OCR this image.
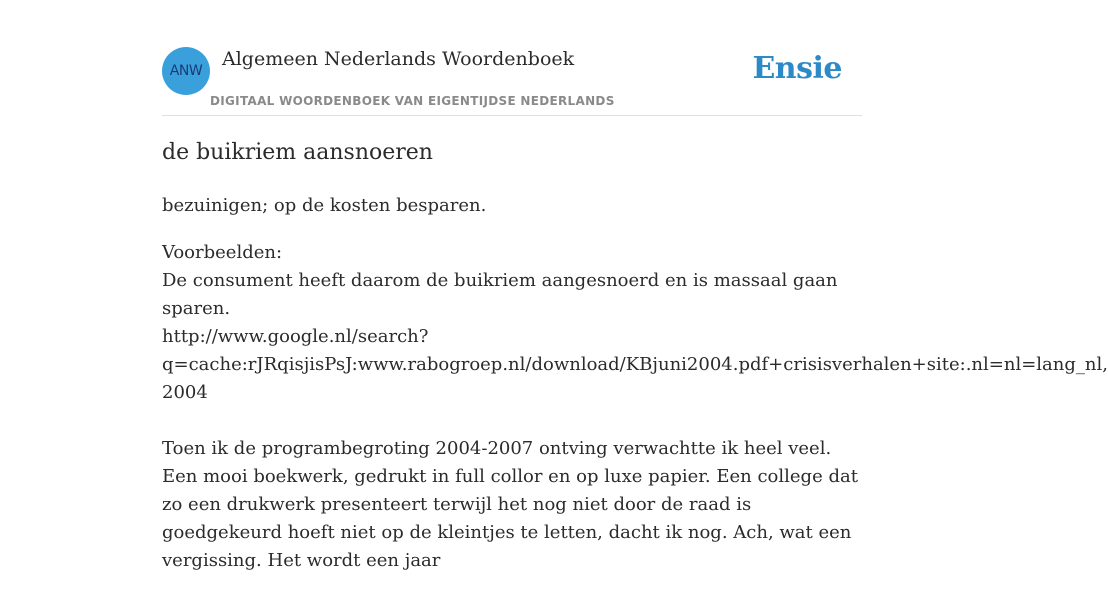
ANW
Algemeen Nederlands Woordenboek
DIGITAAL WOORDENBOEK VAN EIGENTIJDSE NEDERLANDS
Ensie
de buikriem aansnoeren

bezuinigen; op de kosten besparen.

Voorbeelden:

De consument heeft daarom de buikriem aangesnoerd en is massaal gaan sparen.
http://www.google.nl/search?
q=cache:rJRqisjisPsJ:www.rabogroep.nl/download/KBjuni2004.pdf+crisisverhalen+site:.nl=nl=lang_nl,
2004

Toen ik de programbegroting 2004-2007 ontving verwachtte ik heel veel. Een mooi boekwerk, gedrukt in full collor en op luxe papier. Een college dat zo een drukwerk presenteert terwijl het nog niet door de raad is goedgekeurd hoeft niet op de kleintjes te letten, dacht ik nog. Ach, wat een vergissing. Het wordt een jaar
